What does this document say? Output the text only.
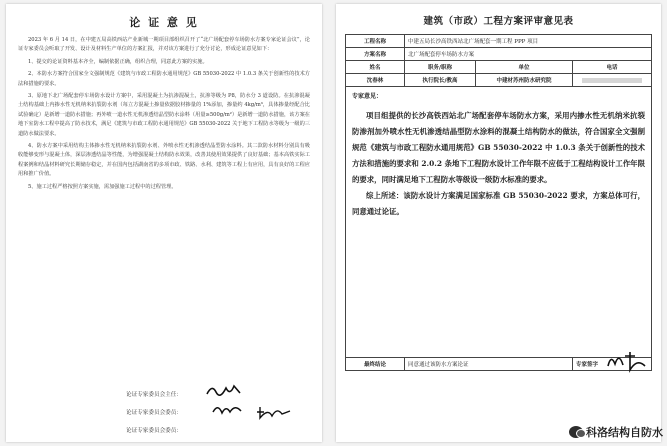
论 证 意 见

2023 年 6 月 14 日，在中建五局高铁西站产业新城一期项目部组织召开了“北广场配套停车场防水方案专家论证会议”，论证专家委员会听取了开发、设计及材料生产单位的方案汇报，并对该方案进行了充分讨论，形成论证意见如下：

1、提交的论证资料基本齐全，编制依据正确，组织合理，同意此方案的实施。

2、本防水方案符合国家全文强制规范《建筑与市政工程防水通用规范》GB 55030-2022 中 1.0.3 条关于创新性的技术方法和措施的要求。

3、原地下北广场配套停车场防水设计方案中，采用混凝土为抗渗混凝土，抗渗等级为 P8，防水分 3 道设防。在抗渗混凝土结构基础上内掺水性无机纳米抗裂防水剂（每立方混凝土掺量依据胶材掺量的 1%添加，掺量约 4kg/m³，具体掺量经配合比试验确定）是新增一道防水措施；再外喷一道水性无机渗透结晶型防水涂料（用量≥500g/m²）是新增一道防水措施，该方案在地下室防水工程中提高了防水技术，满足《建筑与市政工程防水通用规范》GB 55030-2022 关于地下工程防水等级为一级的三道防水做法要求。

4、防水方案中采用结构主体掺水性无机纳米抗裂防水剂、外喷水性无机渗透结晶型防水涂料。其二款防水材料分别具有吸收能够变形与混凝土体，深层渗透结晶等性能，为增强混凝土结构防水效果，改善其使用效果提供了良好基础；基本高铁实际工程案例和结晶材料研究长期储存稳定，并在国内包括湖南省的多项市政、铁路、水利、建筑等工程上有应用，具有良好的工程应用和推广价值。

5、施工过程严格按照方案实施，需加强施工过程中的过程管理。

论证专家委员会主任：
论证专家委员会委员：
论证专家委员会委员：
建筑（市政）工程方案评审意见表
工程名称	中建五局长沙高铁西站北广场配套一期工程 PPP 项目		
方案名称	北广场配套停车场防水方案		
姓名	职务/职称	单位	电话
沈春林	执行院长/教高	中建材苏州防水研究院	

专家意见：

项目组提供的长沙高铁西站北广场配套停车场防水方案，采用内掺水性无机纳米抗裂防渗剂加外喷水性无机渗透结晶型防水涂料的混凝土结构防水的做法，符合国家全文强制规范《建筑与市政工程防水通用规范》GB 55030-2022 中 1.0.3 条关于创新性的技术方法和措施的要求和 2.0.2 条地下工程防水设计工作年限不应低于工程结构设计工作年限的要求，同时满足地下工程防水等级设一级防水标准的要求。

综上所述：该防水设计方案满足国家标准 GB 55030-2022 要求，方案总体可行，同意通过论证。			

最终结论	同意通过该防水方案论证		专家签字
科洛结构自防水
